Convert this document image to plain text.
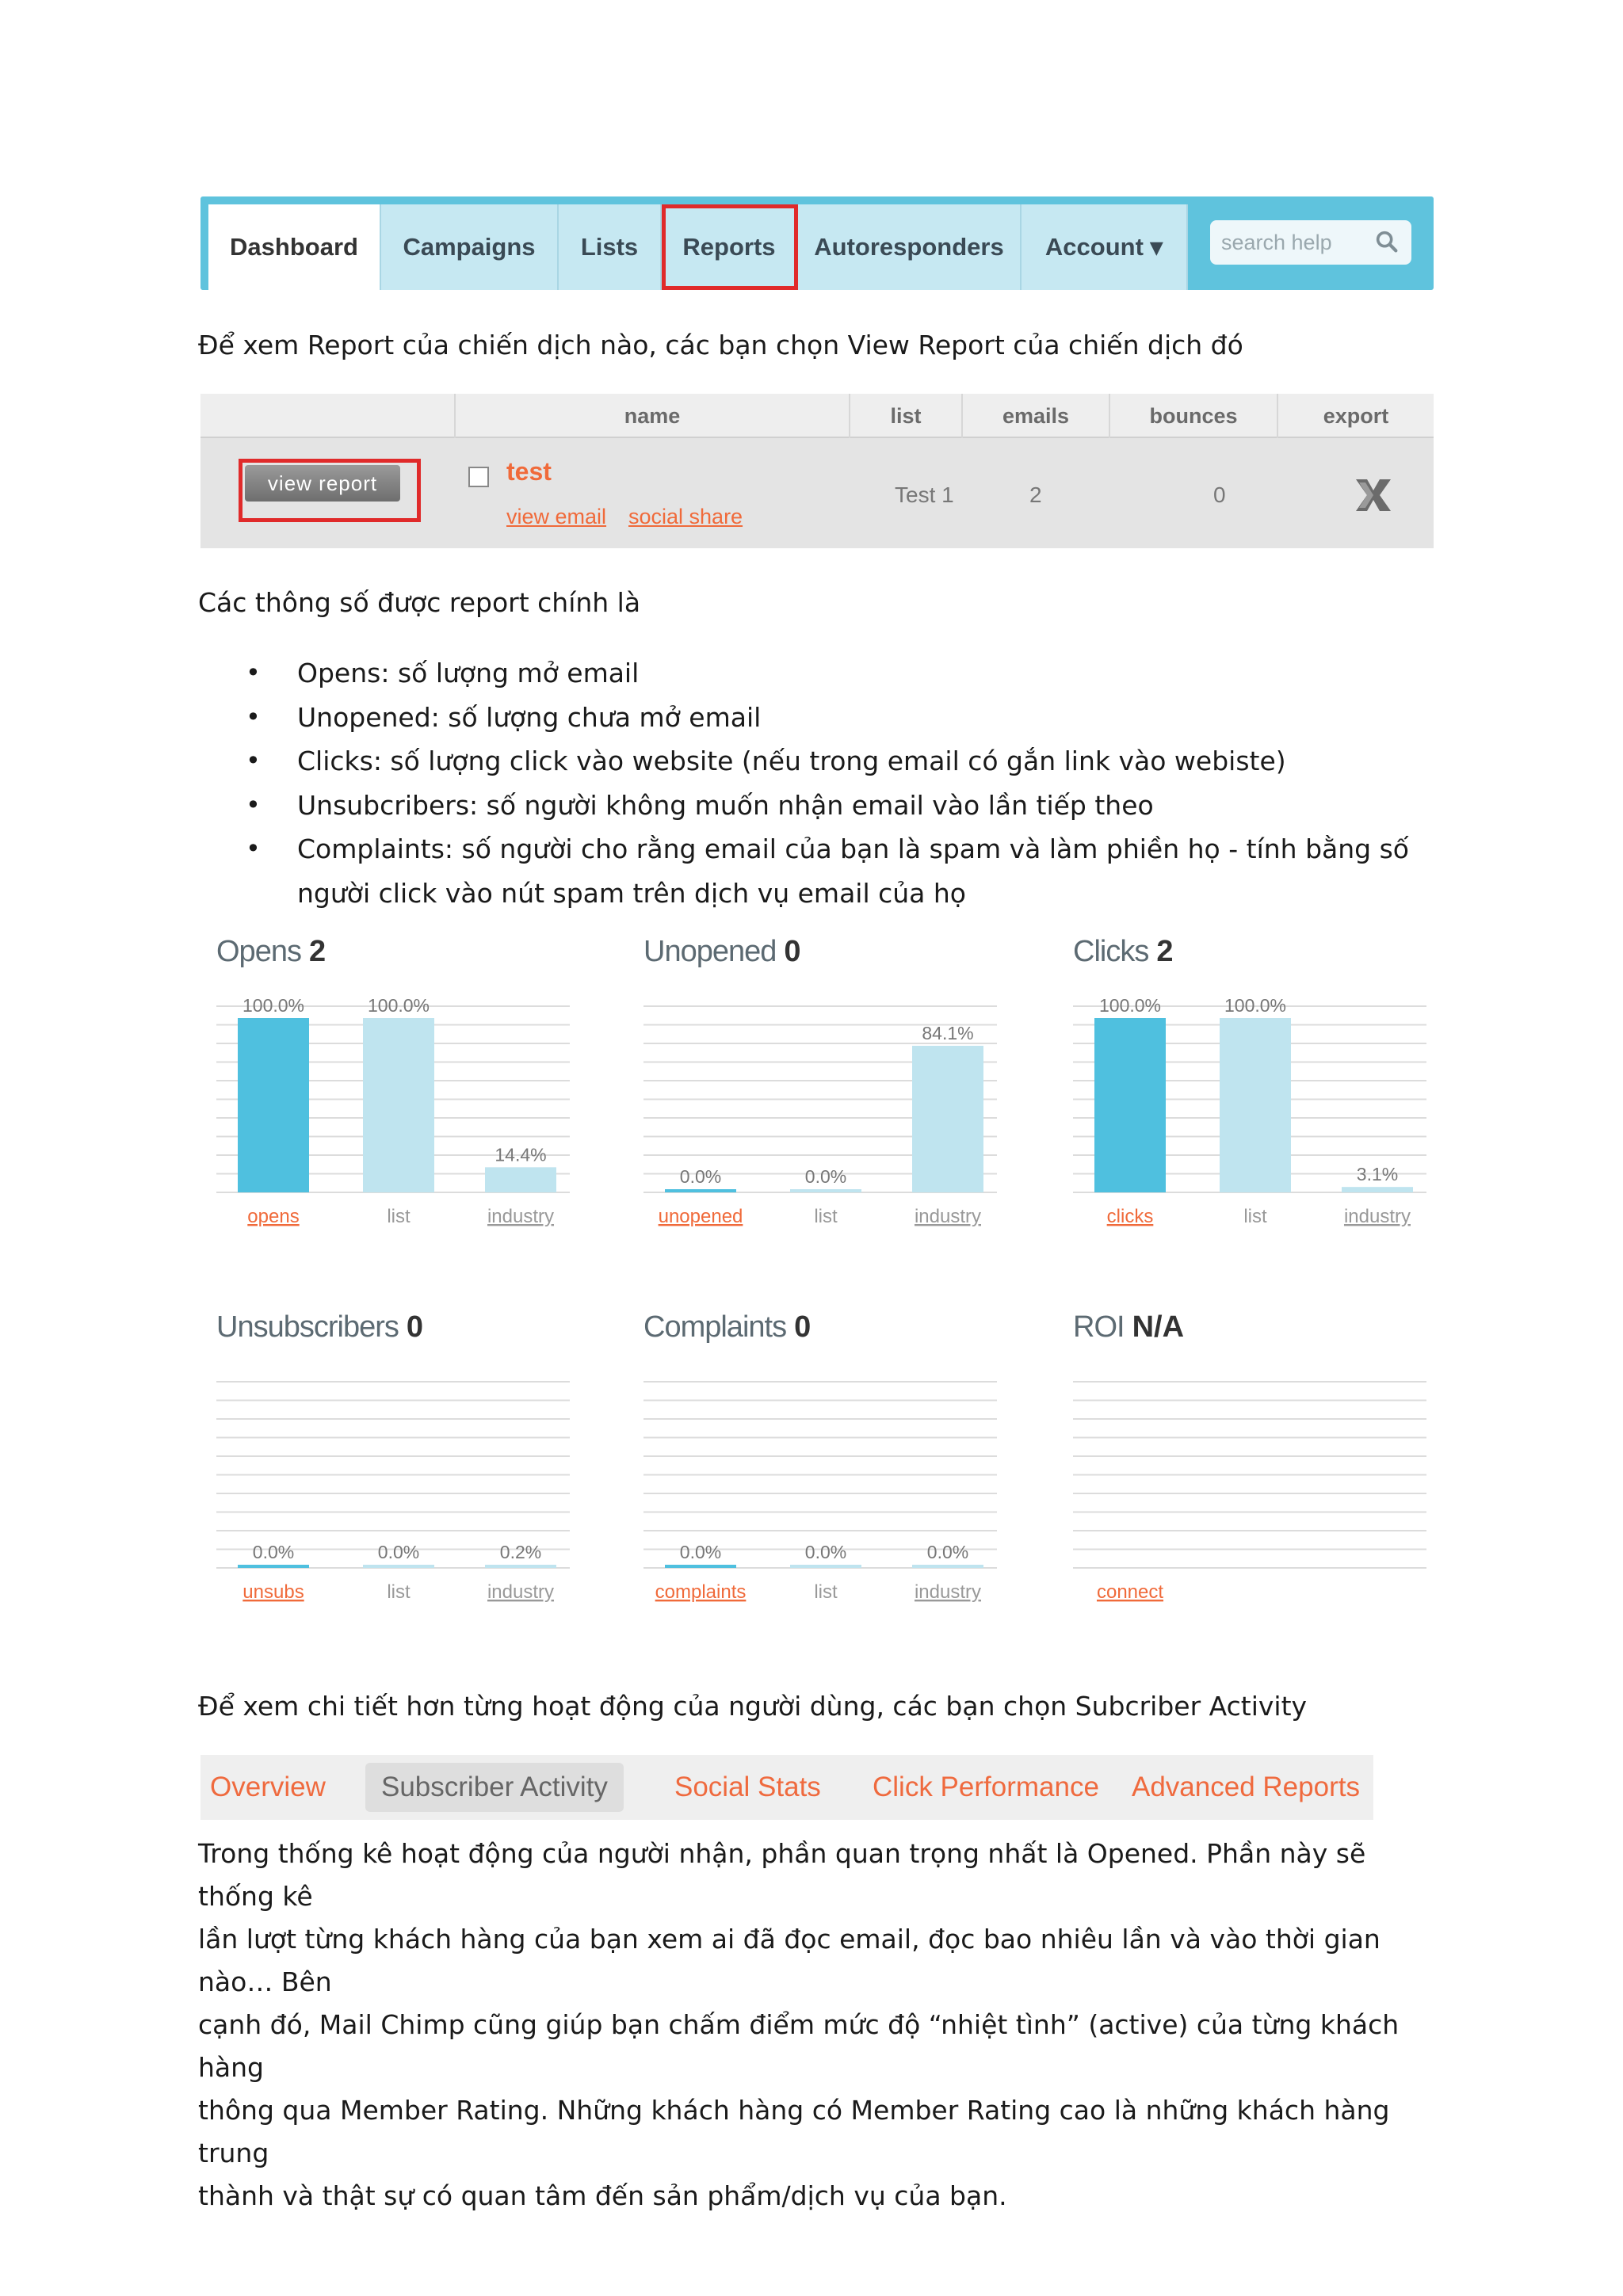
Dashboard	Campaigns	Lists	Reports	Autoresponders	Account ▾	search help
Để xem Report của chiến dịch nào, các bạn chọn View Report của chiến dịch đó
name	list	emails	bounces	export
view report	test
view email social share
Test 1	2	0
Các thông số được report chính là
• Opens: số lượng mở email
• Unopened: số lượng chưa mở email
• Clicks: số lượng click vào website (nếu trong email có gắn link vào webiste)
• Unsubcribers: số người không muốn nhận email vào lần tiếp theo
• Complaints: số người cho rằng email của bạn là spam và làm phiền họ - tính bằng số người click vào nút spam trên dịch vụ email của họ
Opens 2
100.0%	100.0%
14.4%
opens	list	industry
Unopened 0
0.0%	0.0%
84.1%
unopened	list	industry
Clicks 2
100.0%	100.0%
3.1%
clicks	list	industry
Unsubscribers 0
0.0%	0.0%	0.2%
unsubs	list	industry
Complaints 0
0.0%	0.0%	0.0%
complaints	list	industry
ROI N/A
connect
Để xem chi tiết hơn từng hoạt động của người dùng, các bạn chọn Subcriber Activity
Overview	Subscriber Activity	Social Stats Click Performance Advanced Reports
Trong thống kê hoạt động của người nhận, phần quan trọng nhất là Opened. Phần này sẽ thống kê
lần lượt từng khách hàng của bạn xem ai đã đọc email, đọc bao nhiêu lần và vào thời gian nào… Bên
cạnh đó, Mail Chimp cũng giúp bạn chấm điểm mức độ “nhiệt tình” (active) của từng khách hàng
thông qua Member Rating. Những khách hàng có Member Rating cao là những khách hàng trung
thành và thật sự có quan tâm đến sản phẩm/dịch vụ của bạn.
